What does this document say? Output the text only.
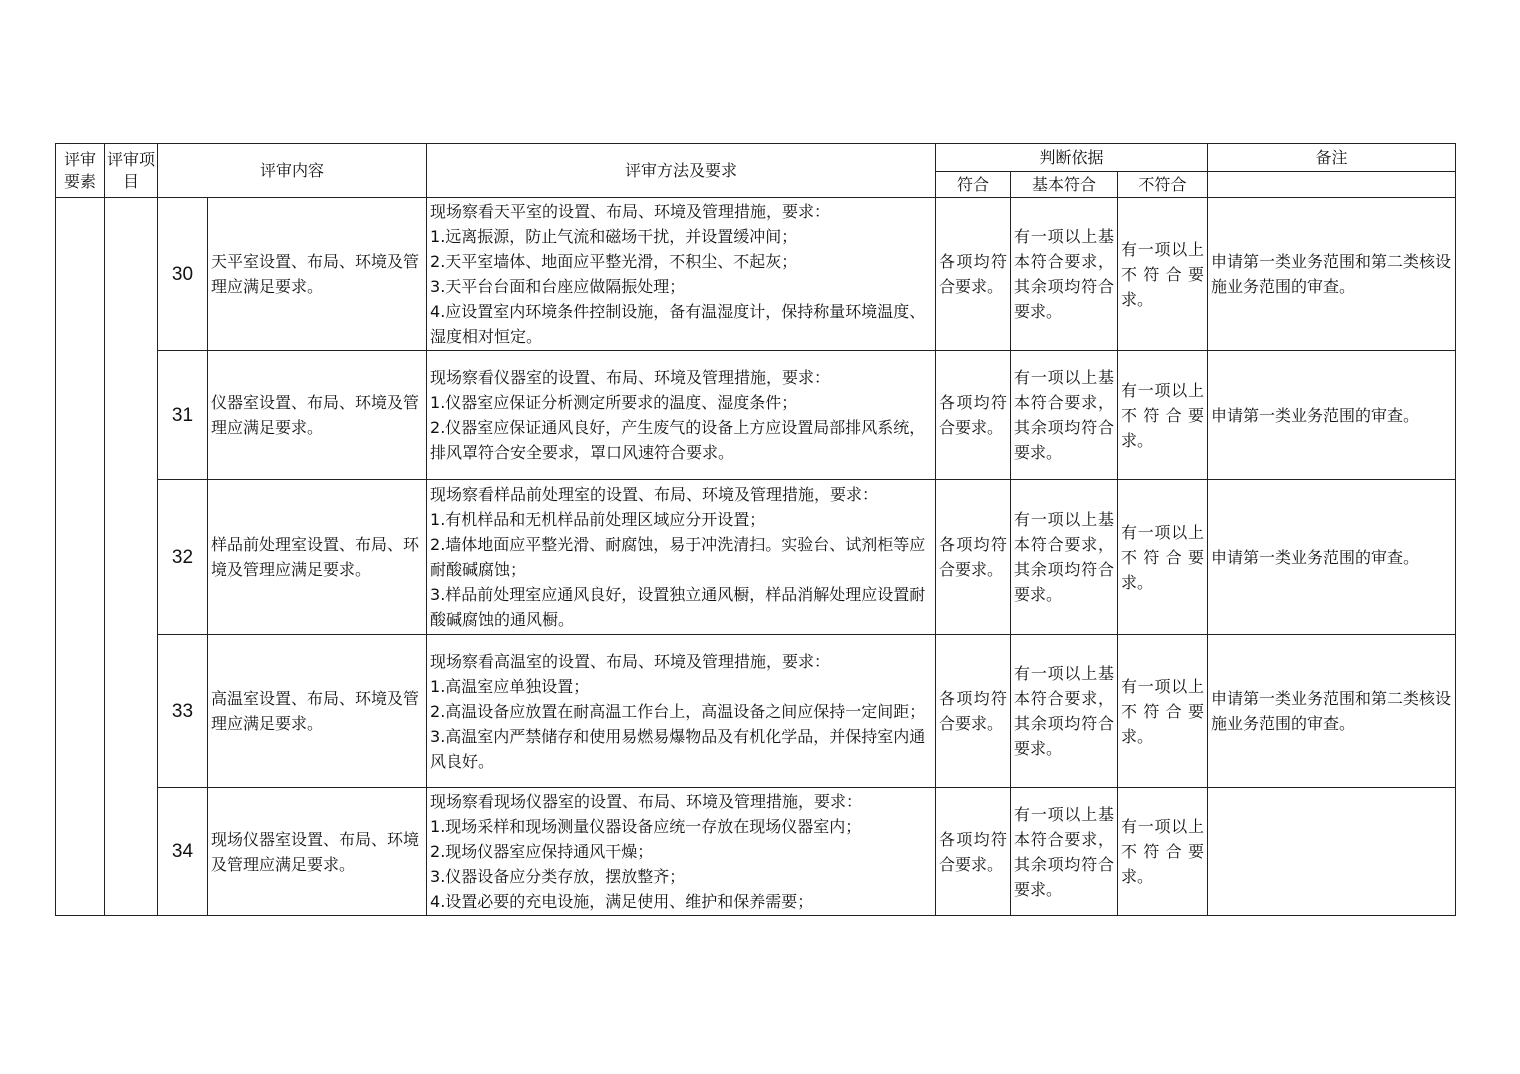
评审要素	评审项目	评审内容		评审方法及要求	判断依据			备注
					符合	基本符合	不符合	
		30	天平室设置、布局、环境及管理应满足要求。	现场察看天平室的设置、布局、环境及管理措施，要求：
1.远离振源，防止气流和磁场干扰，并设置缓冲间；
2.天平室墙体、地面应平整光滑，不积尘、不起灰；
3.天平台台面和台座应做隔振处理；
4.应设置室内环境条件控制设施，备有温湿度计，保持称量环境温度、湿度相对恒定。	各项均符合要求。	有一项以上基本符合要求，其余项均符合要求。	有一项以上不符合要求。	申请第一类业务范围和第二类核设施业务范围的审查。
		31	仪器室设置、布局、环境及管理应满足要求。	现场察看仪器室的设置、布局、环境及管理措施，要求：
1.仪器室应保证分析测定所要求的温度、湿度条件；
2.仪器室应保证通风良好，产生废气的设备上方应设置局部排风系统，排风罩符合安全要求，罩口风速符合要求。	各项均符合要求。	有一项以上基本符合要求，其余项均符合要求。	有一项以上不符合要求。	申请第一类业务范围的审查。
		32	样品前处理室设置、布局、环境及管理应满足要求。	现场察看样品前处理室的设置、布局、环境及管理措施，要求：
1.有机样品和无机样品前处理区域应分开设置；
2.墙体地面应平整光滑、耐腐蚀，易于冲洗清扫。实验台、试剂柜等应耐酸碱腐蚀；
3.样品前处理室应通风良好，设置独立通风橱，样品消解处理应设置耐酸碱腐蚀的通风橱。	各项均符合要求。	有一项以上基本符合要求，其余项均符合要求。	有一项以上不符合要求。	申请第一类业务范围的审查。
		33	高温室设置、布局、环境及管理应满足要求。	现场察看高温室的设置、布局、环境及管理措施，要求：
1.高温室应单独设置；
2.高温设备应放置在耐高温工作台上，高温设备之间应保持一定间距；
3.高温室内严禁储存和使用易燃易爆物品及有机化学品，并保持室内通风良好。	各项均符合要求。	有一项以上基本符合要求，其余项均符合要求。	有一项以上不符合要求。	申请第一类业务范围和第二类核设施业务范围的审查。
		34	现场仪器室设置、布局、环境及管理应满足要求。	现场察看现场仪器室的设置、布局、环境及管理措施，要求：
1.现场采样和现场测量仪器设备应统一存放在现场仪器室内；
2.现场仪器室应保持通风干燥；
3.仪器设备应分类存放，摆放整齐；
4.设置必要的充电设施，满足使用、维护和保养需要；	各项均符合要求。	有一项以上基本符合要求，其余项均符合要求。	有一项以上不符合要求。	
